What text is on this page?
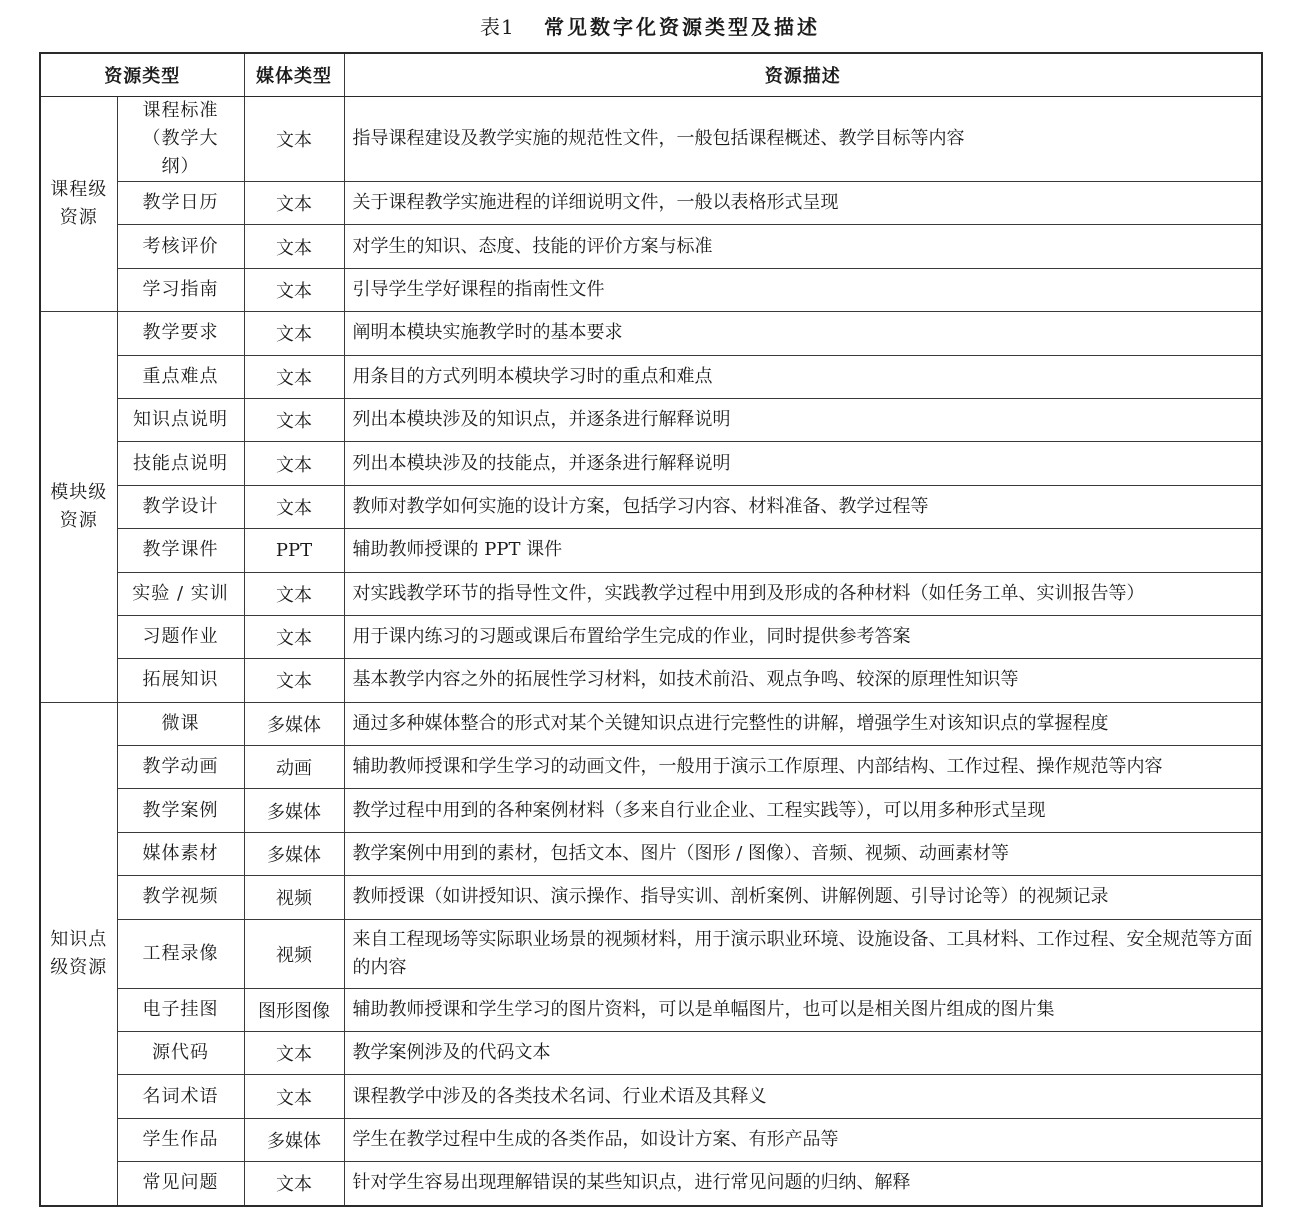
表1 常见数字化资源类型及描述
资源类型		媒体类型	资源描述
课程级资源	课程标准（教学大纲）	文本	指导课程建设及教学实施的规范性文件，一般包括课程概述、教学目标等内容
	教学日历	文本	关于课程教学实施进程的详细说明文件，一般以表格形式呈现
	考核评价	文本	对学生的知识、态度、技能的评价方案与标准
	学习指南	文本	引导学生学好课程的指南性文件
模块级资源	教学要求	文本	阐明本模块实施教学时的基本要求
	重点难点	文本	用条目的方式列明本模块学习时的重点和难点
	知识点说明	文本	列出本模块涉及的知识点，并逐条进行解释说明
	技能点说明	文本	列出本模块涉及的技能点，并逐条进行解释说明
	教学设计	文本	教师对教学如何实施的设计方案，包括学习内容、材料准备、教学过程等
	教学课件	PPT	辅助教师授课的 PPT 课件
	实验 / 实训	文本	对实践教学环节的指导性文件，实践教学过程中用到及形成的各种材料（如任务工单、实训报告等）
	习题作业	文本	用于课内练习的习题或课后布置给学生完成的作业，同时提供参考答案
	拓展知识	文本	基本教学内容之外的拓展性学习材料，如技术前沿、观点争鸣、较深的原理性知识等
知识点级资源	微课	多媒体	通过多种媒体整合的形式对某个关键知识点进行完整性的讲解，增强学生对该知识点的掌握程度
	教学动画	动画	辅助教师授课和学生学习的动画文件，一般用于演示工作原理、内部结构、工作过程、操作规范等内容
	教学案例	多媒体	教学过程中用到的各种案例材料（多来自行业企业、工程实践等），可以用多种形式呈现
	媒体素材	多媒体	教学案例中用到的素材，包括文本、图片（图形 / 图像）、音频、视频、动画素材等
	教学视频	视频	教师授课（如讲授知识、演示操作、指导实训、剖析案例、讲解例题、引导讨论等）的视频记录
	工程录像	视频	来自工程现场等实际职业场景的视频材料，用于演示职业环境、设施设备、工具材料、工作过程、安全规范等方面的内容
	电子挂图	图形图像	辅助教师授课和学生学习的图片资料，可以是单幅图片，也可以是相关图片组成的图片集
	源代码	文本	教学案例涉及的代码文本
	名词术语	文本	课程教学中涉及的各类技术名词、行业术语及其释义
	学生作品	多媒体	学生在教学过程中生成的各类作品，如设计方案、有形产品等
	常见问题	文本	针对学生容易出现理解错误的某些知识点，进行常见问题的归纳、解释
